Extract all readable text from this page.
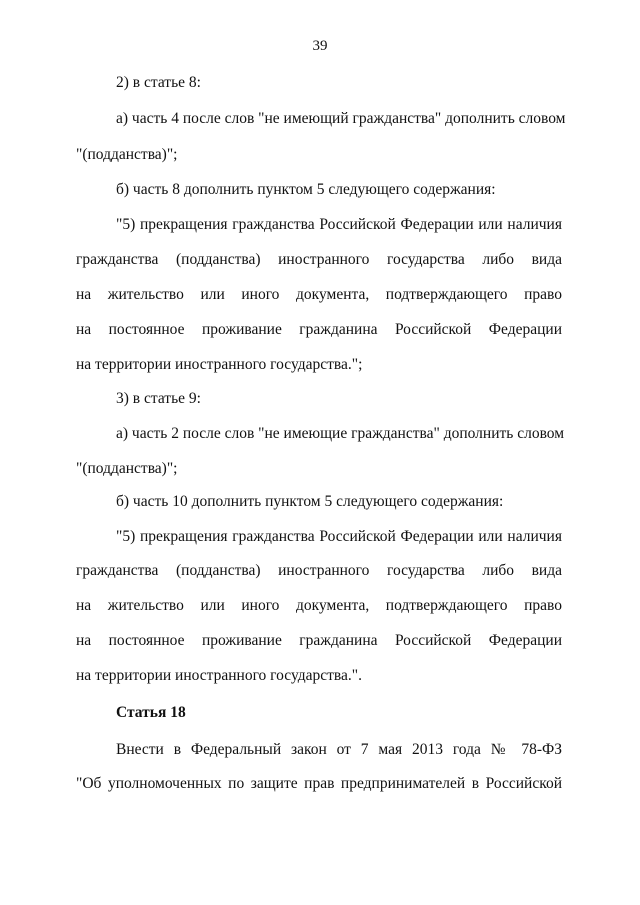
39
2) в статье 8:
а) часть 4 после слов "не имеющий гражданства" дополнить словом
"(подданства)";
б) часть 8 дополнить пунктом 5 следующего содержания:
"5) прекращения гражданства Российской Федерации или наличия
гражданства (подданства) иностранного государства либо вида
на жительство или иного документа, подтверждающего право
на постоянное проживание гражданина Российской Федерации
на территории иностранного государства.";
3) в статье 9:
а) часть 2 после слов "не имеющие гражданства" дополнить словом
"(подданства)";
б) часть 10 дополнить пунктом 5 следующего содержания:
"5) прекращения гражданства Российской Федерации или наличия
гражданства (подданства) иностранного государства либо вида
на жительство или иного документа, подтверждающего право
на постоянное проживание гражданина Российской Федерации
на территории иностранного государства.".
Статья 18
Внести в Федеральный закон от 7 мая 2013 года № 78-ФЗ
"Об уполномоченных по защите прав предпринимателей в Российской
